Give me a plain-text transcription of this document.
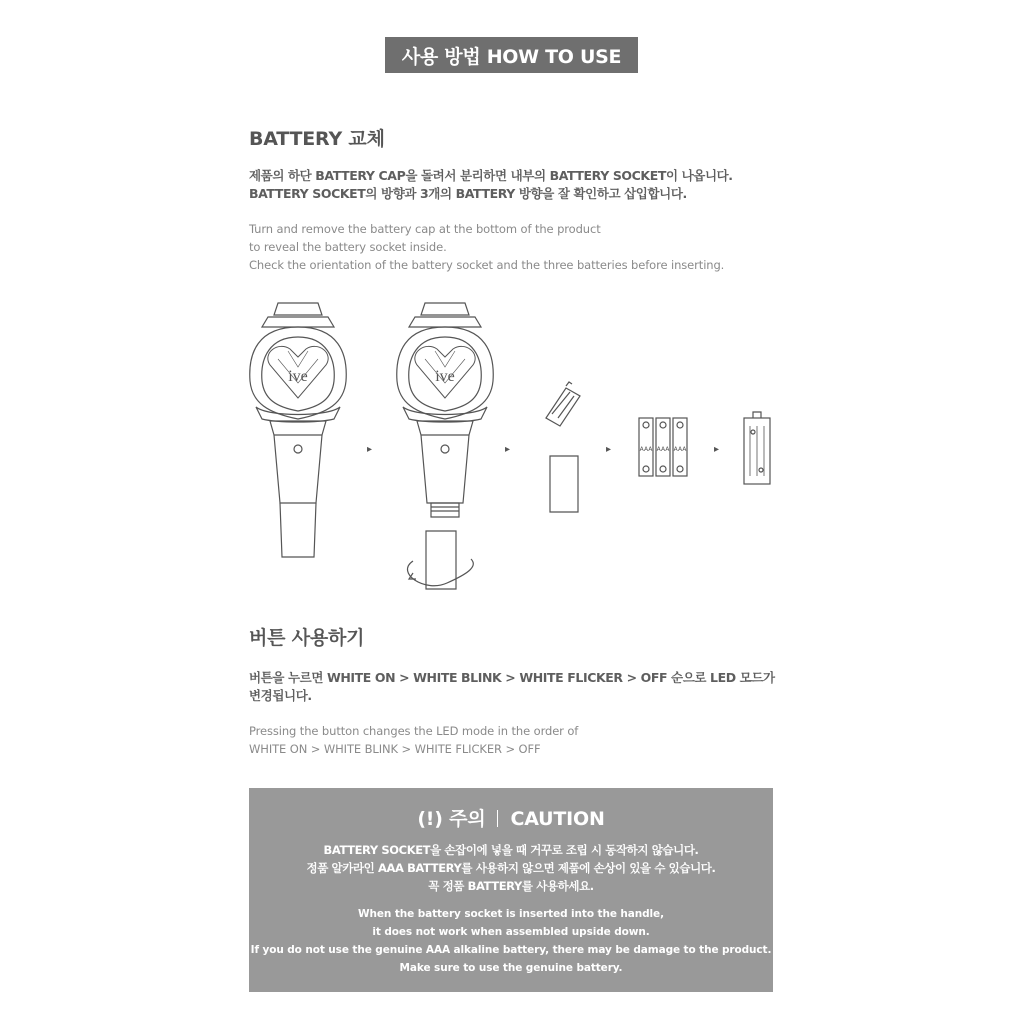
사용 방법 HOW TO USE
BATTERY 교체
제품의 하단 BATTERY CAP을 돌려서 분리하면 내부의 BATTERY SOCKET이 나옵니다.
BATTERY SOCKET의 방향과 3개의 BATTERY 방향을 잘 확인하고 삽입합니다.
Turn and remove the battery cap at the bottom of the product
to reveal the battery socket inside.
Check the orientation of the battery socket and the three batteries before inserting.
ive
▸
ive
▸	▸	AAA AAA AAA	▸
버튼 사용하기
버튼을 누르면 WHITE ON > WHITE BLINK > WHITE FLICKER > OFF 순으로 LED 모드가
변경됩니다.
Pressing the button changes the LED mode in the order of
WHITE ON > WHITE BLINK > WHITE FLICKER > OFF
(!) 주의 CAUTION
BATTERY SOCKET을 손잡이에 넣을 때 거꾸로 조립 시 동작하지 않습니다.
정품 알카라인 AAA BATTERY를 사용하지 않으면 제품에 손상이 있을 수 있습니다.
꼭 정품 BATTERY를 사용하세요.
When the battery socket is inserted into the handle,
it does not work when assembled upside down.
If you do not use the genuine AAA alkaline battery, there may be damage to the product.
Make sure to use the genuine battery.
